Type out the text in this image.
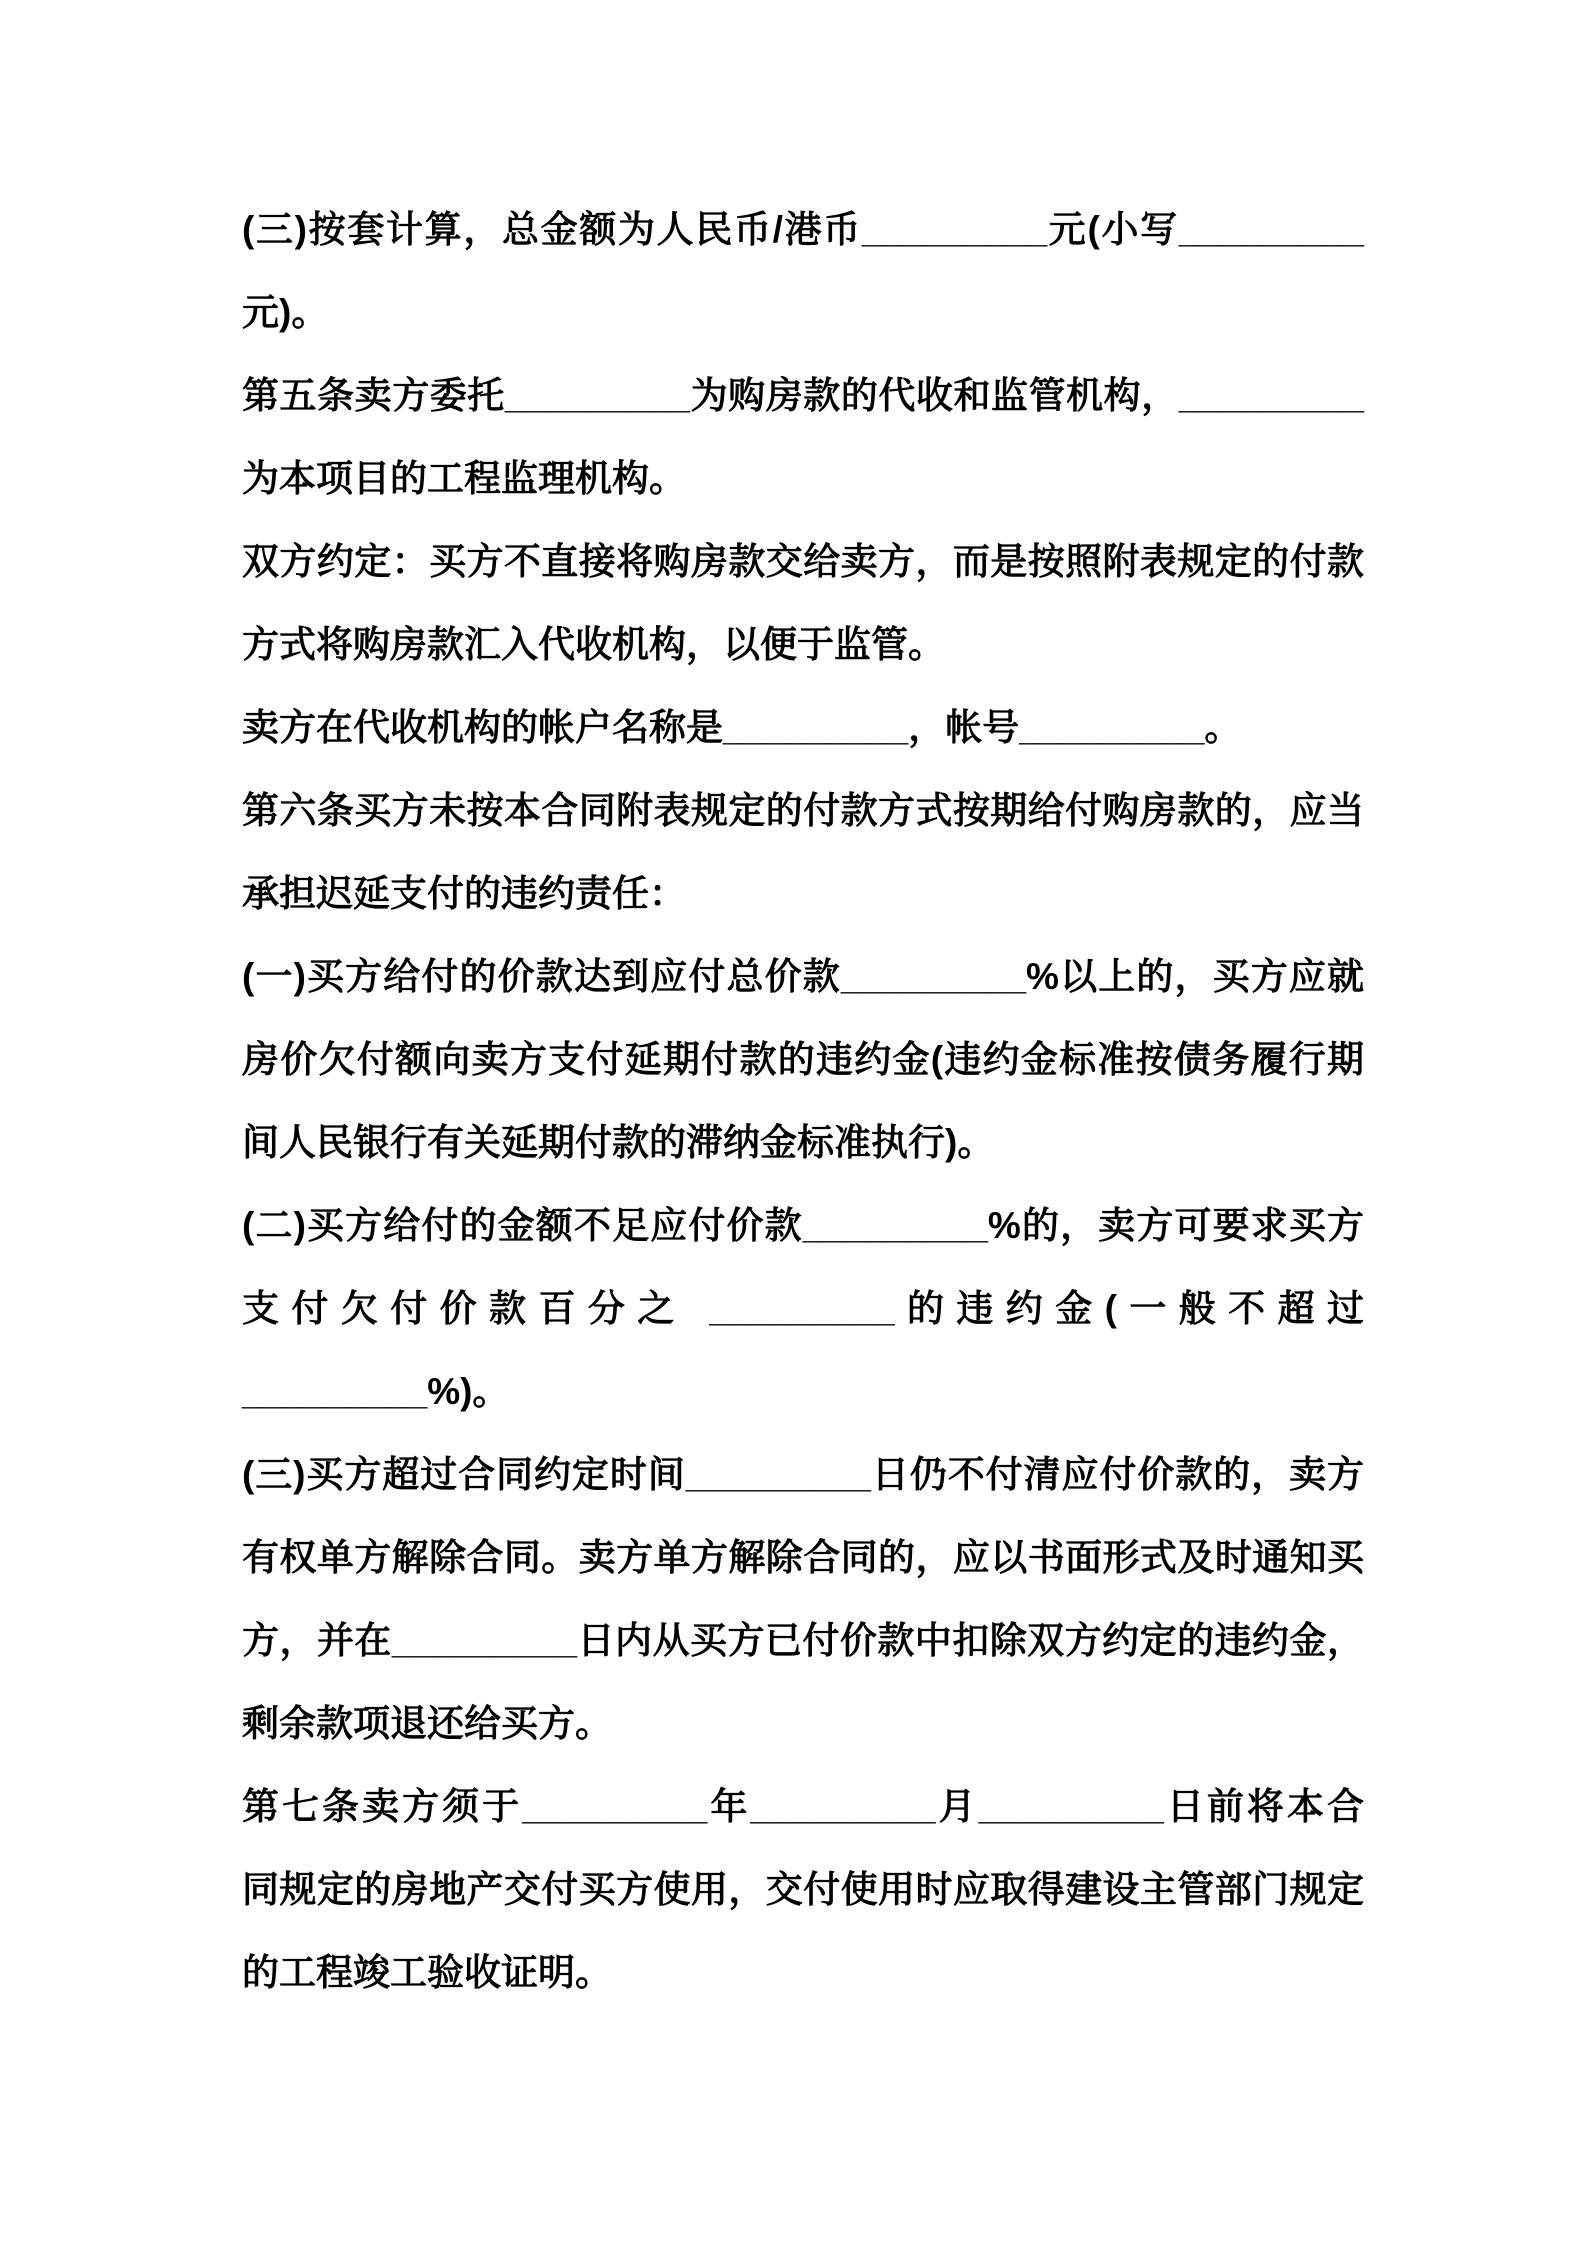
(三)按套计算，总金额为人民币/港币_________元(小写_________
元)。
第五条卖方委托_________为购房款的代收和监管机构，_________
为本项目的工程监理机构。
双方约定：买方不直接将购房款交给卖方，而是按照附表规定的付款
方式将购房款汇入代收机构，以便于监管。
卖方在代收机构的帐户名称是_________，帐号_________。
第六条买方未按本合同附表规定的付款方式按期给付购房款的，应当
承担迟延支付的违约责任：
(一)买方给付的价款达到应付总价款_________%以上的，买方应就
房价欠付额向卖方支付延期付款的违约金(违约金标准按债务履行期
间人民银行有关延期付款的滞纳金标准执行)。
(二)买方给付的金额不足应付价款_________%的，卖方可要求买方
支付欠付价款百分之 _________的违约金(一般不超过
_________%)。
(三)买方超过合同约定时间_________日仍不付清应付价款的，卖方
有权单方解除合同。卖方单方解除合同的，应以书面形式及时通知买
方，并在_________日内从买方已付价款中扣除双方约定的违约金，
剩余款项退还给买方。
第七条卖方须于_________年_________月_________日前将本合
同规定的房地产交付买方使用，交付使用时应取得建设主管部门规定
的工程竣工验收证明。
